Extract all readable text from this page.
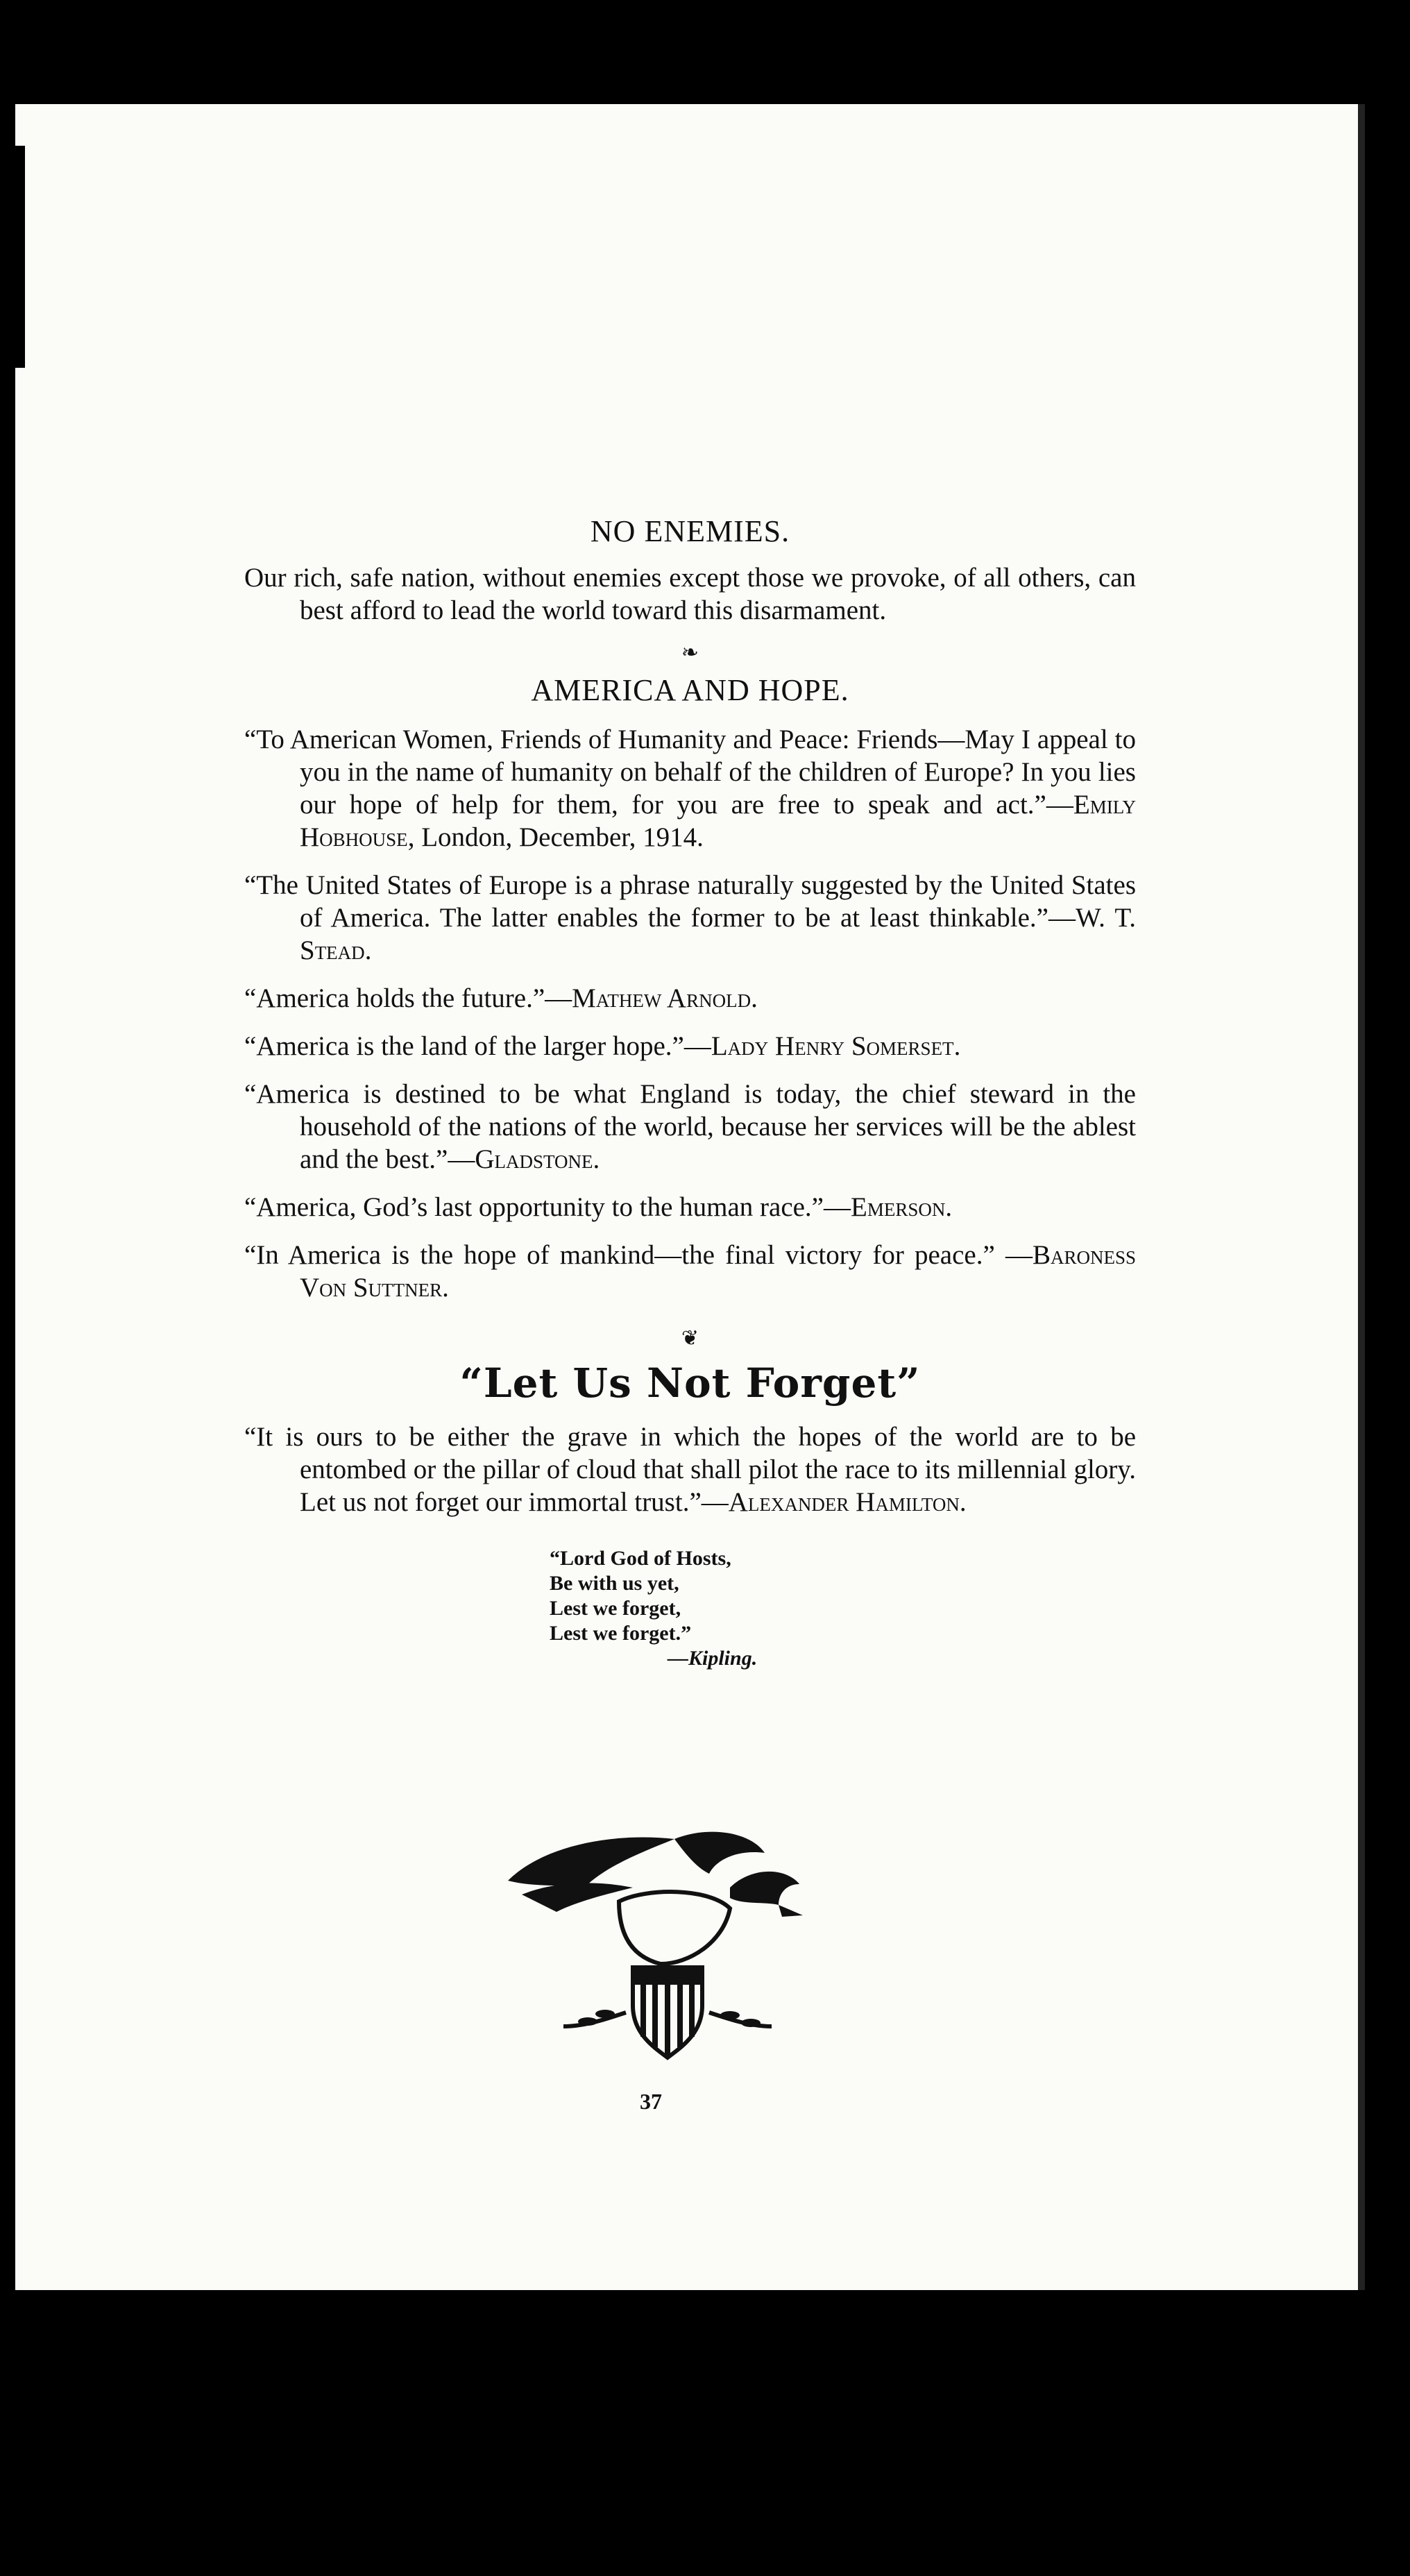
NO ENEMIES.

Our rich, safe nation, without enemies except those we provoke, of all others, can best afford to lead the world toward this disarmament.

❧
AMERICA AND HOPE.

“To American Women, Friends of Humanity and Peace: Friends—May I appeal to you in the name of humanity on behalf of the children of Europe? In you lies our hope of help for them, for you are free to speak and act.”—Emily Hobhouse, London, December, 1914.

“The United States of Europe is a phrase naturally suggested by the United States of America. The latter enables the former to be at least thinkable.”—W. T. Stead.

“America holds the future.”—Mathew Arnold.

“America is the land of the larger hope.”—Lady Henry Somerset.

“America is destined to be what England is today, the chief steward in the household of the nations of the world, because her services will be the ablest and the best.”—Gladstone.

“America, God’s last opportunity to the human race.”—Emerson.

“In America is the hope of mankind—the final victory for peace.” —Baroness Von Suttner.

❦
“Let Us Not Forget”

“It is ours to be either the grave in which the hopes of the world are to be entombed or the pillar of cloud that shall pilot the race to its millennial glory. Let us not forget our immortal trust.”—Alexander Hamilton.

“Lord God of Hosts,
Be with us yet,
Lest we forget,
Lest we forget.”
—Kipling.
37
